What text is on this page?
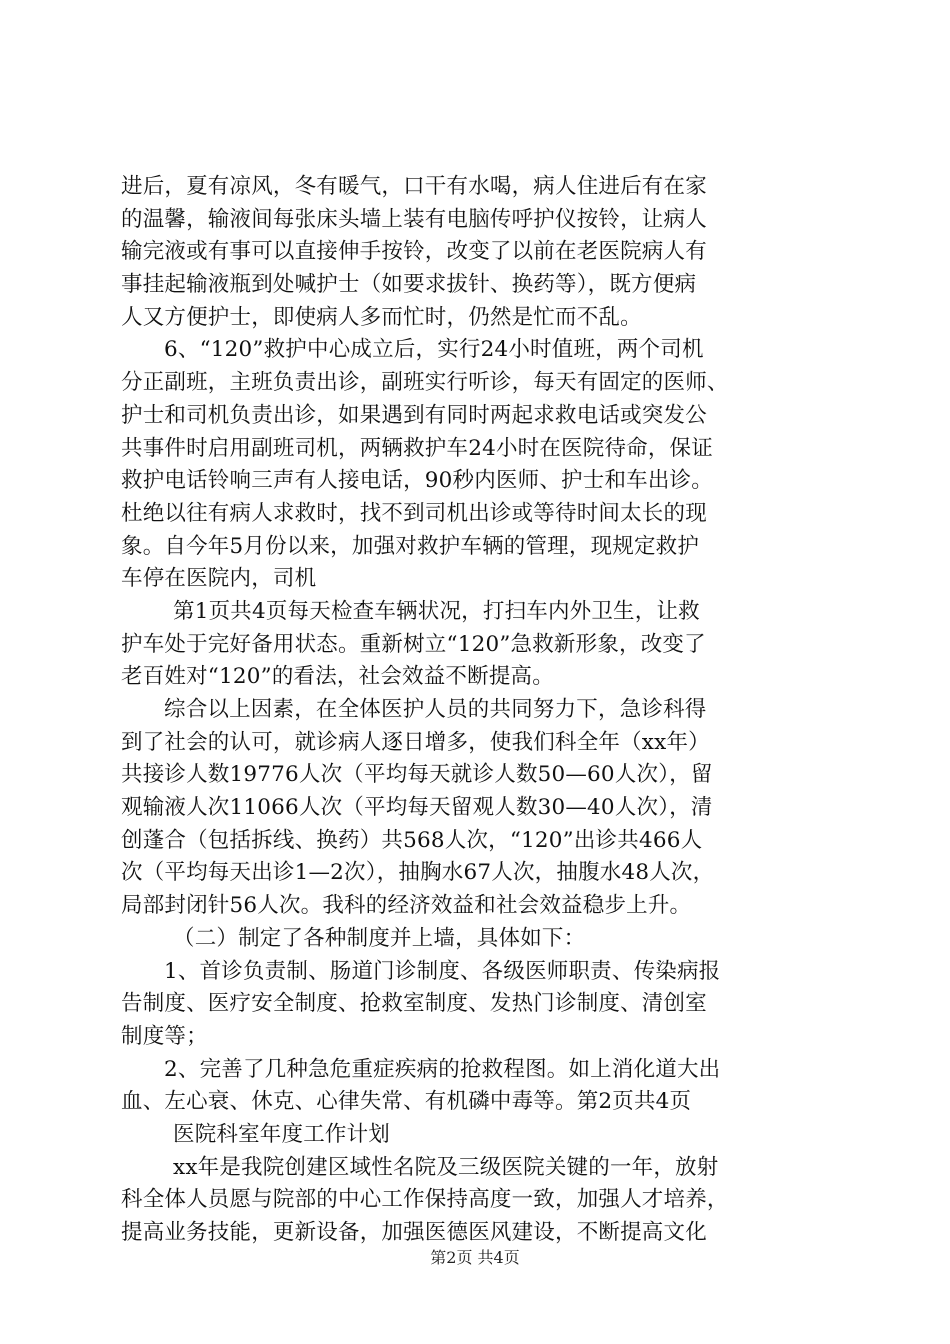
进后，夏有凉风，冬有暖气，口干有水喝，病人住进后有在家
的温馨，输液间每张床头墙上装有电脑传呼护仪按铃，让病人
输完液或有事可以直接伸手按铃，改变了以前在老医院病人有
事挂起输液瓶到处喊护士（如要求拔针、换药等），既方便病
人又方便护士，即使病人多而忙时，仍然是忙而不乱。
6、“120”救护中心成立后，实行24小时值班，两个司机
分正副班，主班负责出诊，副班实行听诊，每天有固定的医师、
护士和司机负责出诊，如果遇到有同时两起求救电话或突发公
共事件时启用副班司机，两辆救护车24小时在医院待命，保证
救护电话铃响三声有人接电话，90秒内医师、护士和车出诊。
杜绝以往有病人求救时，找不到司机出诊或等待时间太长的现
象。自今年5月份以来，加强对救护车辆的管理，现规定救护
车停在医院内，司机
第1页共4页每天检查车辆状况，打扫车内外卫生，让救
护车处于完好备用状态。重新树立“120”急救新形象，改变了
老百姓对“120”的看法，社会效益不断提高。
综合以上因素，在全体医护人员的共同努力下，急诊科得
到了社会的认可，就诊病人逐日增多，使我们科全年（xx年）
共接诊人数19776人次（平均每天就诊人数50—60人次），留
观输液人次11066人次（平均每天留观人数30—40人次），清
创蓬合（包括拆线、换药）共568人次，“120”出诊共466人
次（平均每天出诊1—2次），抽胸水67人次，抽腹水48人次，
局部封闭针56人次。我科的经济效益和社会效益稳步上升。
（二）制定了各种制度并上墙，具体如下：
1、首诊负责制、肠道门诊制度、各级医师职责、传染病报
告制度、医疗安全制度、抢救室制度、发热门诊制度、清创室
制度等；
2、完善了几种急危重症疾病的抢救程图。如上消化道大出
血、左心衰、休克、心律失常、有机磷中毒等。第2页共4页
医院科室年度工作计划
xx年是我院创建区域性名院及三级医院关键的一年，放射
科全体人员愿与院部的中心工作保持高度一致，加强人才培养，
提高业务技能，更新设备，加强医德医风建设，不断提高文化
第2页 共4页
